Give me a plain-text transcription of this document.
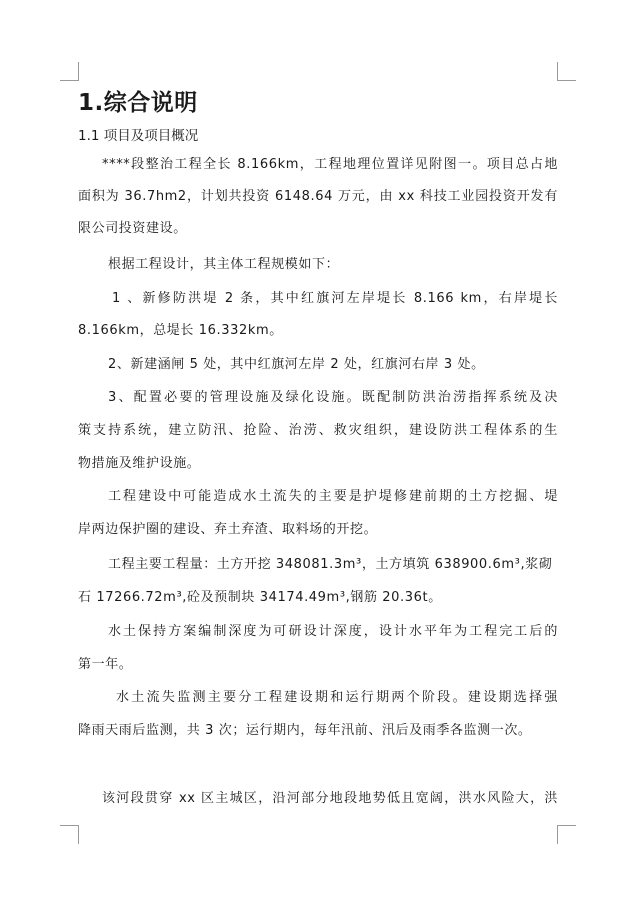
1.综合说明
1.1 项目及项目概况
****段整治工程全长 8.166km，工程地理位置详见附图一。项目总占地
面积为 36.7hm2，计划共投资 6148.64 万元，由 xx 科技工业园投资开发有
限公司投资建设。
根据工程设计，其主体工程规模如下：
1 、新修防洪堤 2 条，其中红旗河左岸堤长 8.166 km，右岸堤长
8.166km，总堤长 16.332km。
2、新建涵闸 5 处，其中红旗河左岸 2 处，红旗河右岸 3 处。
3、配置必要的管理设施及绿化设施。既配制防洪治涝指挥系统及决
策支持系统，建立防汛、抢险、治涝、救灾组织，建设防洪工程体系的生
物措施及维护设施。
工程建设中可能造成水土流失的主要是护堤修建前期的土方挖掘、堤
岸两边保护圈的建设、弃土弃渣、取料场的开挖。
工程主要工程量：土方开挖 348081.3m³，土方填筑 638900.6m³,浆砌
石 17266.72m³,砼及预制块 34174.49m³,钢筋 20.36t。
水土保持方案编制深度为可研设计深度，设计水平年为工程完工后的
第一年。
水土流失监测主要分工程建设期和运行期两个阶段。建设期选择强
降雨天雨后监测，共 3 次；运行期内，每年汛前、汛后及雨季各监测一次。
该河段贯穿 xx 区主城区，沿河部分地段地势低且宽阔，洪水风险大，洪
